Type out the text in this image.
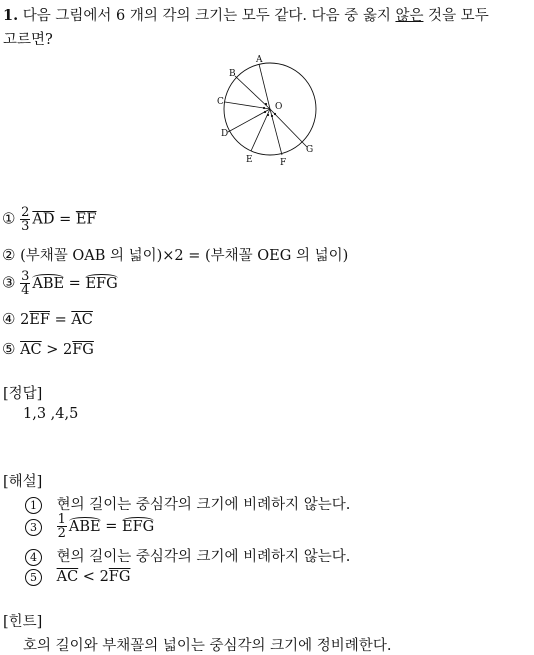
1. 다음 그림에서 6 개의 각의 크기는 모두 같다. 다음 중 옳지 않은 것을 모두
고르면?
A
B
C
D
E	F
G
O
① $\frac{2}{3} \overline{AD} = \overline{EF}$
② (부채꼴 OAB 의 넓이)×2 = (부채꼴 OEG 의 넓이)
③ $\frac{3}{4}$ ABE = EFG
④ $2\overline{EF} = \overline{AC}$
⑤ $\overline{AC} > 2\overline{FG}$
[정답]
1,3 ,4,5
[해설]
1 현의 길이는 중심각의 크기에 비례하지 않는다.
$3 \frac{1}{2}$ ABE = EFG
4 현의 길이는 중심각의 크기에 비례하지 않는다.
5 $\overline{AC} < 2\overline{FG}$
[힌트]
호의 길이와 부채꼴의 넓이는 중심각의 크기에 정비례한다.
